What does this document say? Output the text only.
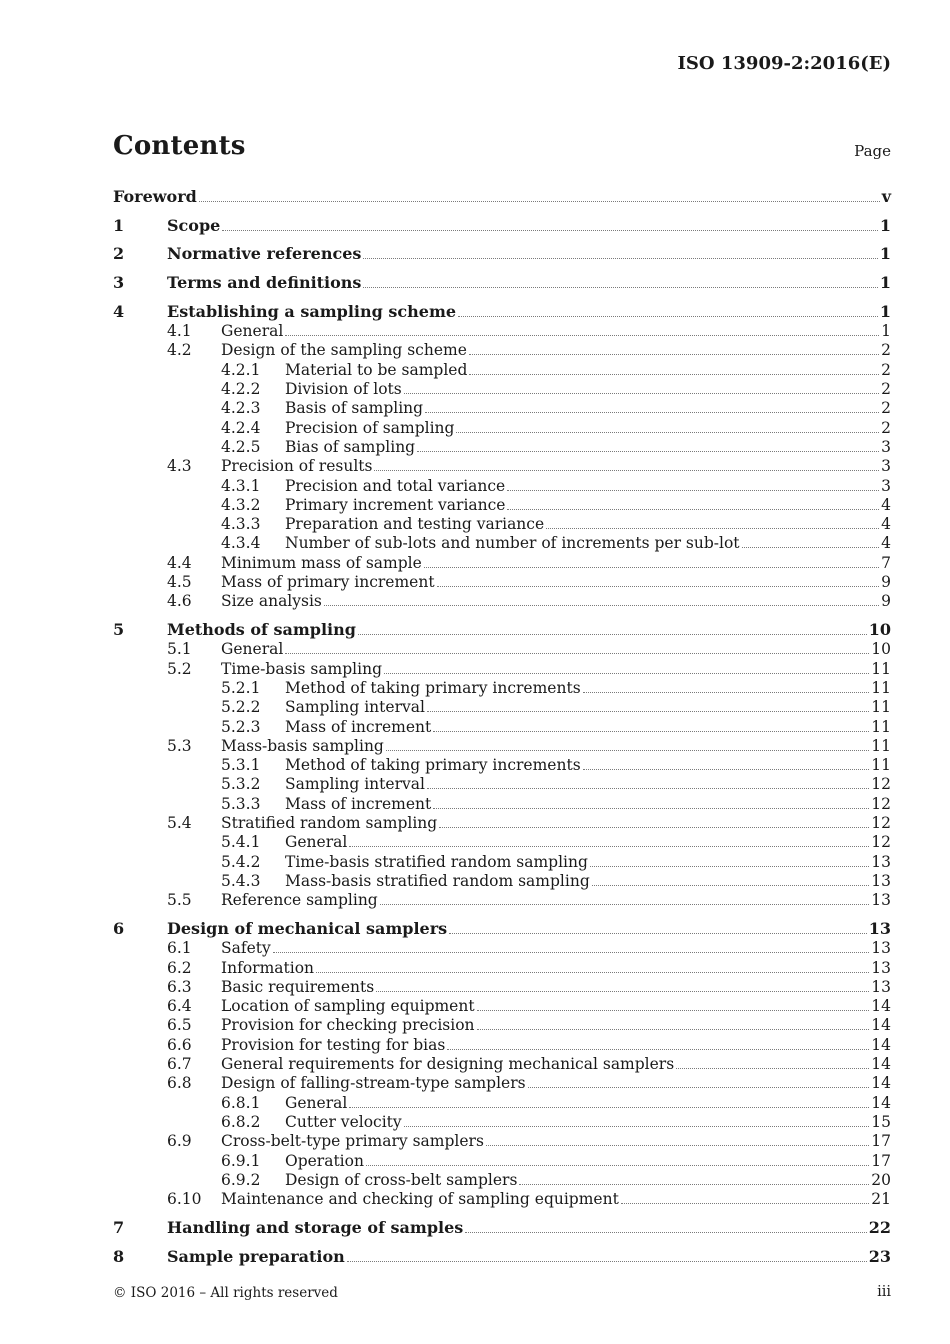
ISO 13909-2:2016(E)
Contents	Page
Foreword	v
1	Scope	1
2	Normative references	1
3	Terms and definitions	1
4	Establishing a sampling scheme	1
4.1 General	1
4.2 Design of the sampling scheme	2
4.2.1 Material to be sampled	2
4.2.2 Division of lots	2
4.2.3 Basis of sampling	2
4.2.4 Precision of sampling	2
4.2.5 Bias of sampling	3
4.3 Precision of results	3
4.3.1 Precision and total variance	3
4.3.2 Primary increment variance	4
4.3.3 Preparation and testing variance	4
4.3.4 Number of sub-lots and number of increments per sub-lot	4
4.4 Minimum mass of sample	7
4.5 Mass of primary increment	9
4.6 Size analysis	9
5	Methods of sampling	10
5.1 General	10
5.2 Time-basis sampling	11
5.2.1 Method of taking primary increments	11
5.2.2 Sampling interval	11
5.2.3 Mass of increment	11
5.3 Mass-basis sampling	11
5.3.1 Method of taking primary increments	11
5.3.2 Sampling interval	12
5.3.3 Mass of increment	12
5.4 Stratified random sampling	12
5.4.1 General	12
5.4.2 Time-basis stratified random sampling	13
5.4.3 Mass-basis stratified random sampling	13
5.5 Reference sampling	13
6	Design of mechanical samplers	13
6.1 Safety	13
6.2 Information	13
6.3 Basic requirements	13
6.4 Location of sampling equipment	14
6.5 Provision for checking precision	14
6.6 Provision for testing for bias	14
6.7 General requirements for designing mechanical samplers	14
6.8 Design of falling-stream-type samplers	14
6.8.1 General	14
6.8.2 Cutter velocity	15
6.9 Cross-belt-type primary samplers	17
6.9.1 Operation	17
6.9.2 Design of cross-belt samplers	20
6.10 Maintenance and checking of sampling equipment	21
7	Handling and storage of samples	22
8	Sample preparation	23
© ISO 2016 – All rights reserved	iii
